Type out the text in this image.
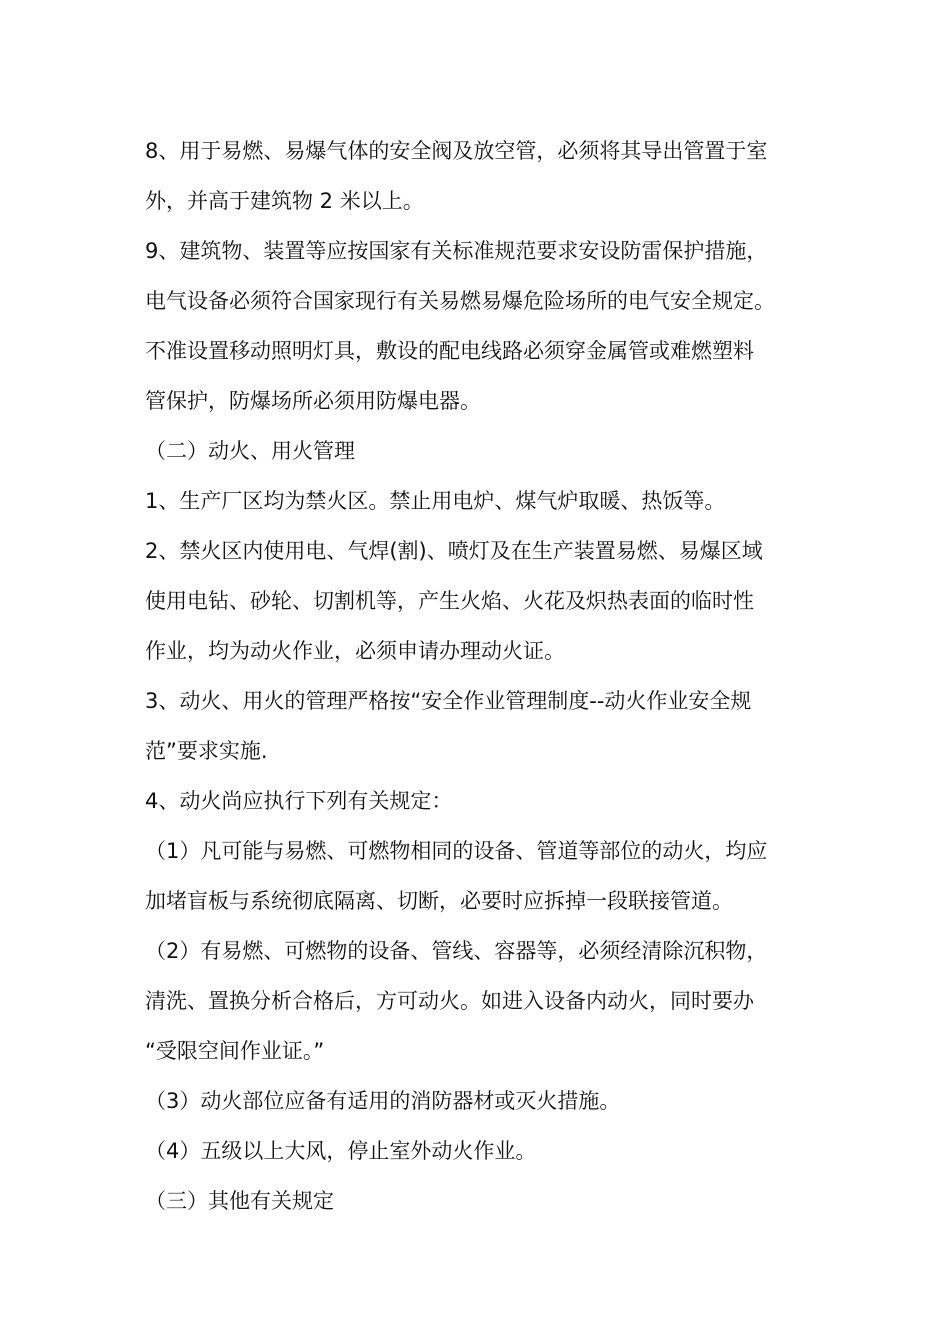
8、用于易燃、易爆气体的安全阀及放空管，必须将其导出管置于室
外，并高于建筑物 2 米以上。
9、建筑物、装置等应按国家有关标准规范要求安设防雷保护措施，
电气设备必须符合国家现行有关易燃易爆危险场所的电气安全规定。
不准设置移动照明灯具，敷设的配电线路必须穿金属管或难燃塑料
管保护，防爆场所必须用防爆电器。
（二）动火、用火管理
1、生产厂区均为禁火区。禁止用电炉、煤气炉取暖、热饭等。
2、禁火区内使用电、气焊(割)、喷灯及在生产装置易燃、易爆区域
使用电钻、砂轮、切割机等，产生火焰、火花及炽热表面的临时性
作业，均为动火作业，必须申请办理动火证。
3、动火、用火的管理严格按“安全作业管理制度--动火作业安全规
范”要求实施.
4、动火尚应执行下列有关规定：
（1）凡可能与易燃、可燃物相同的设备、管道等部位的动火，均应
加堵盲板与系统彻底隔离、切断，必要时应拆掉一段联接管道。
（2）有易燃、可燃物的设备、管线、容器等，必须经清除沉积物，
清洗、置换分析合格后，方可动火。如进入设备内动火，同时要办
“受限空间作业证。”
（3）动火部位应备有适用的消防器材或灭火措施。
（4）五级以上大风，停止室外动火作业。
（三）其他有关规定
